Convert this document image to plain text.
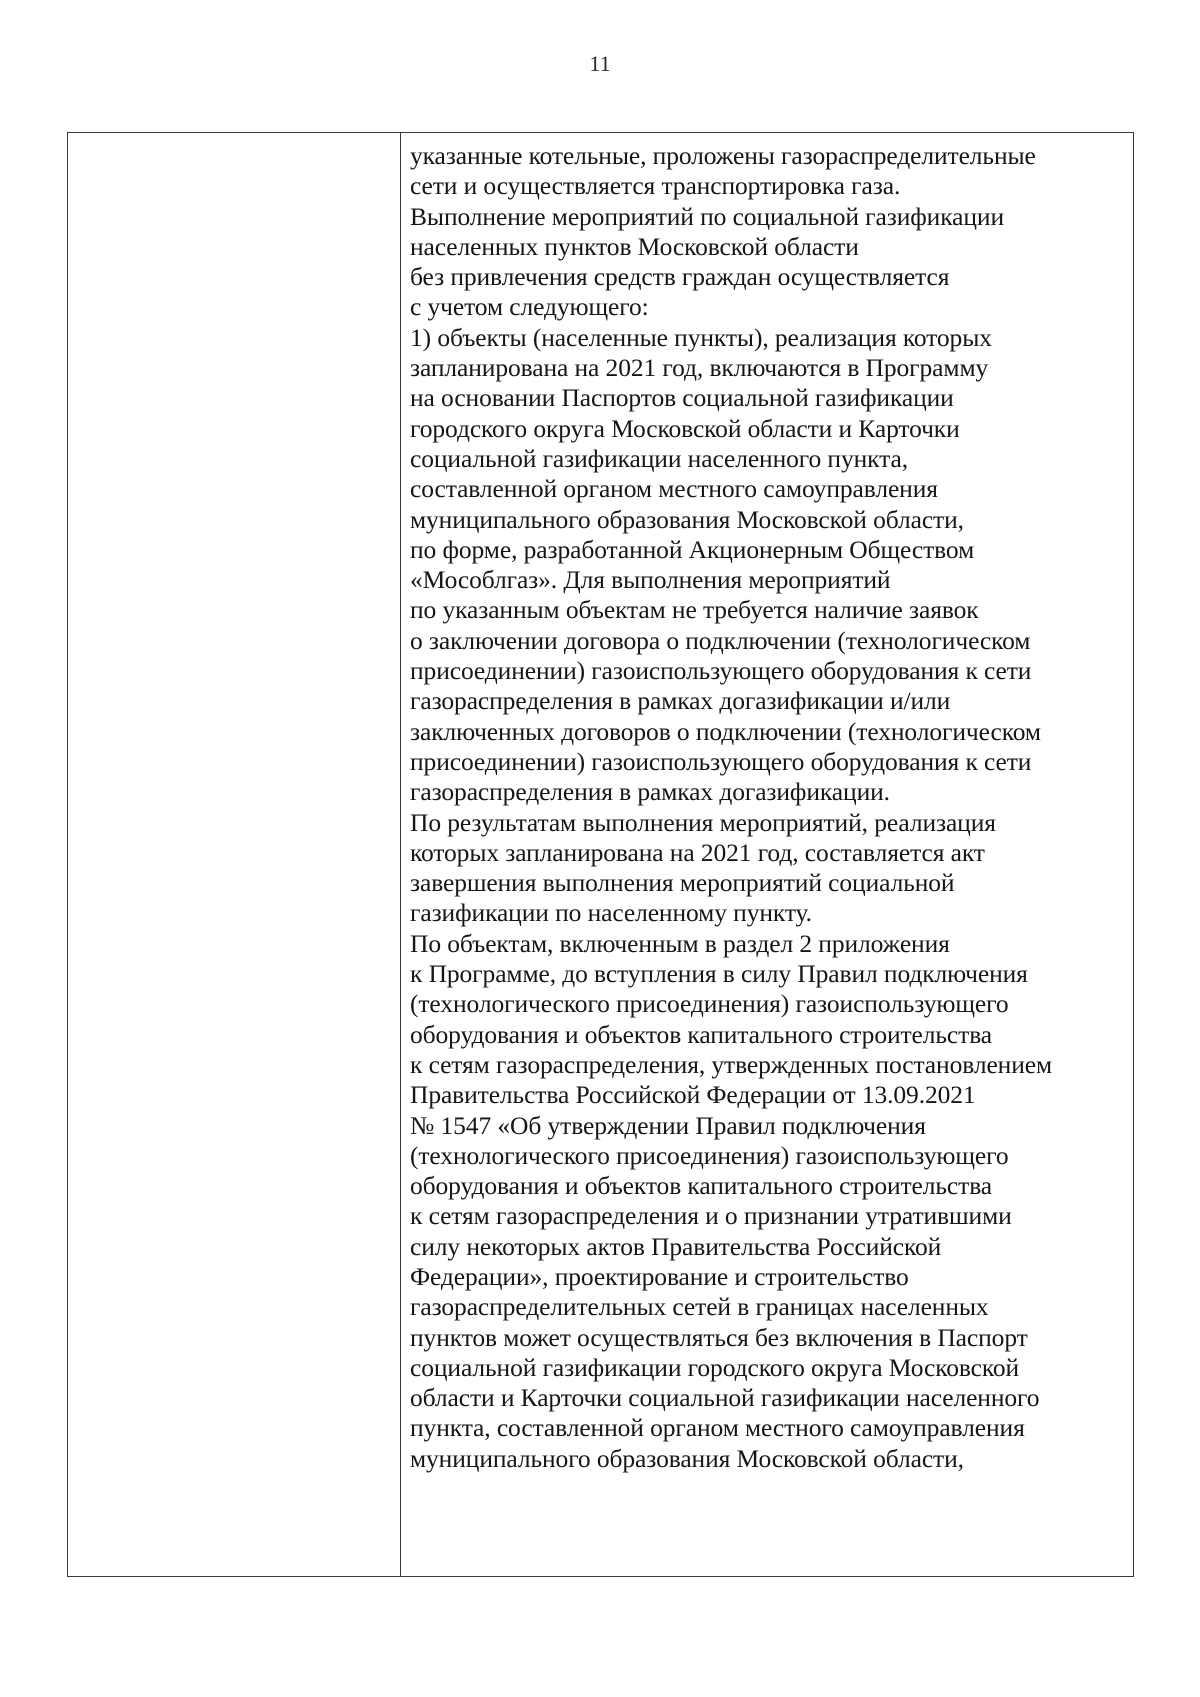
11
указанные котельные, проложены газораспределительные
сети и осуществляется транспортировка газа.
Выполнение мероприятий по социальной газификации
населенных пунктов Московской области
без привлечения средств граждан осуществляется
с учетом следующего:
1) объекты (населенные пункты), реализация которых
запланирована на 2021 год, включаются в Программу
на основании Паспортов социальной газификации
городского округа Московской области и Карточки
социальной газификации населенного пункта,
составленной органом местного самоуправления
муниципального образования Московской области,
по форме, разработанной Акционерным Обществом
«Мособлгаз». Для выполнения мероприятий
по указанным объектам не требуется наличие заявок
о заключении договора о подключении (технологическом
присоединении) газоиспользующего оборудования к сети
газораспределения в рамках догазификации и/или
заключенных договоров о подключении (технологическом
присоединении) газоиспользующего оборудования к сети
газораспределения в рамках догазификации.
По результатам выполнения мероприятий, реализация
которых запланирована на 2021 год, составляется акт
завершения выполнения мероприятий социальной
газификации по населенному пункту.
По объектам, включенным в раздел 2 приложения
к Программе, до вступления в силу Правил подключения
(технологического присоединения) газоиспользующего
оборудования и объектов капитального строительства
к сетям газораспределения, утвержденных постановлением
Правительства Российской Федерации от 13.09.2021
№ 1547 «Об утверждении Правил подключения
(технологического присоединения) газоиспользующего
оборудования и объектов капитального строительства
к сетям газораспределения и о признании утратившими
силу некоторых актов Правительства Российской
Федерации», проектирование и строительство
газораспределительных сетей в границах населенных
пунктов может осуществляться без включения в Паспорт
социальной газификации городского округа Московской
области и Карточки социальной газификации населенного
пункта, составленной органом местного самоуправления
муниципального образования Московской области,
